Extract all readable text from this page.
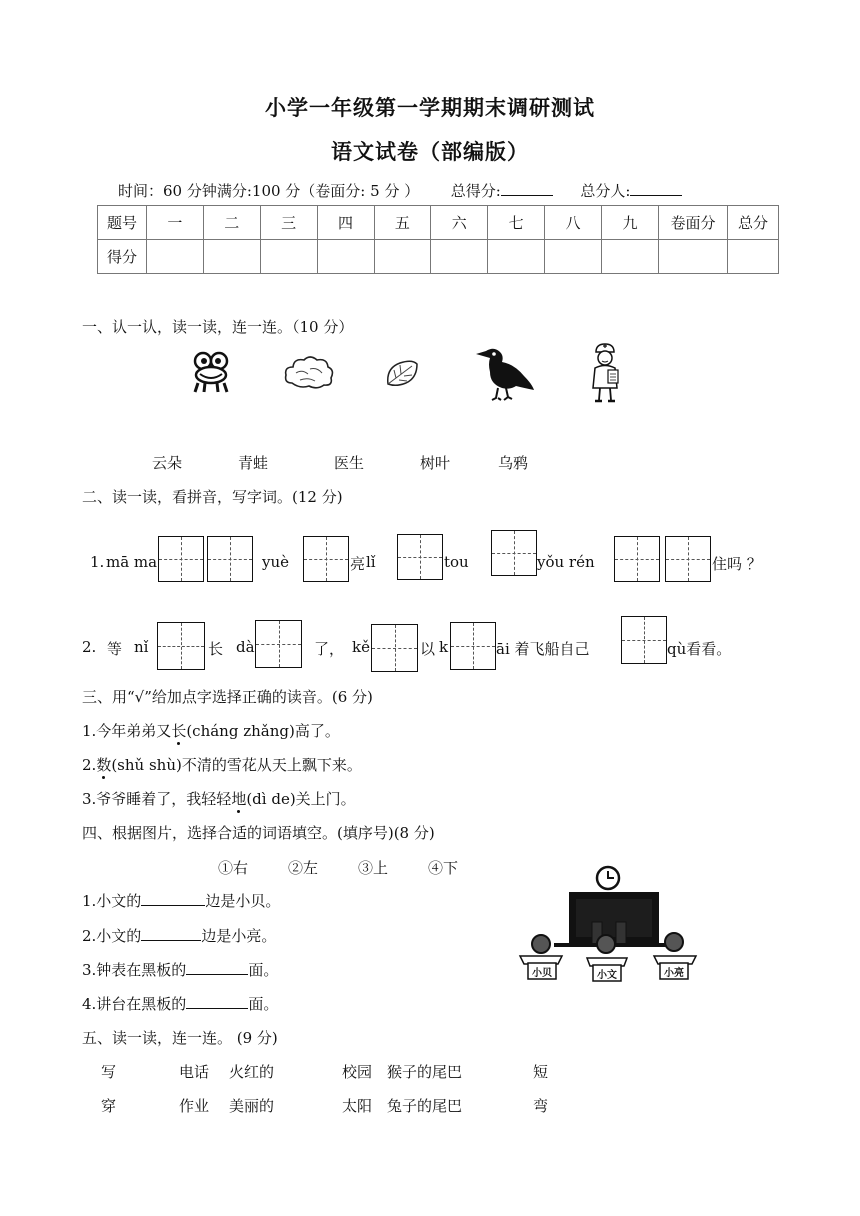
小学一年级第一学期期末调研测试
语文试卷（部编版）
时间：60 分钟满分:100 分（卷面分: 5 分 ） 总得分:	总分人:
题号	一	二	三	四	五	六	七	八	九	卷面分	总分
得分											
一、认一认，读一读，连一连。（10 分）
云朵	青蛙	医生	树叶	乌鸦
二、读一读，看拼音，写字词。(12 分)
1. mā ma	yuè	亮 lǐ	tou	yǒu rén	住吗 ？
2. 等 nǐ	长 dà	了， kě	以 k	āi 着飞船自己	qù看看。
三、用“√”给加点字选择正确的读音。(6 分)
1.今年弟弟又长(cháng zhǎng)高了。
2.数(shǔ shù)不清的雪花从天上飘下来。
3.爷爷睡着了，我轻轻地(dì de)关上门。
四、根据图片，选择合适的词语填空。(填序号)(8 分)
①右	②左	③上	④下
1.小文的	边是小贝。
2.小文的	边是小亮。
3.钟表在黑板的	面。
4.讲台在黑板的	面。
小贝	小文	小亮
五、读一读，连一连。 (9 分)
写	电话 火红的	校园 猴子的尾巴	短
穿	作业 美丽的	太阳 兔子的尾巴	弯
